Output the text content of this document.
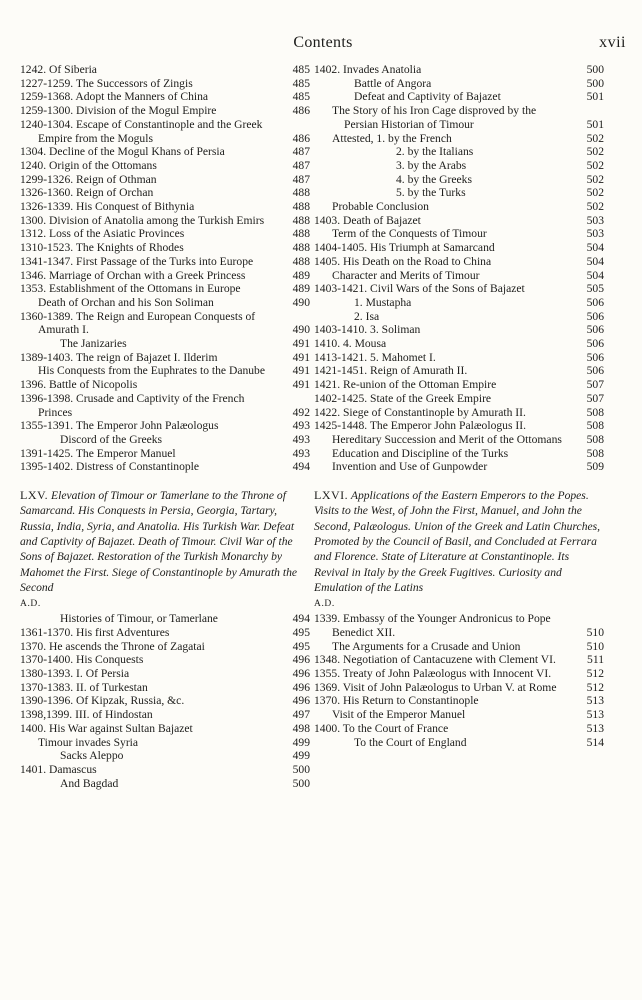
Contents	xvii
1242. Of Siberia	485
1227-1259. The Successors of Zingis	485
1259-1368. Adopt the Manners of China	485
1259-1300. Division of the Mogul Empire	486
1240-1304. Escape of Constantinople and the Greek Empire from the Moguls	486
1304. Decline of the Mogul Khans of Persia	487
1240. Origin of the Ottomans	487
1299-1326. Reign of Othman	487
1326-1360. Reign of Orchan	488
1326-1339. His Conquest of Bithynia	488
1300. Division of Anatolia among the Turkish Emirs	488
1312. Loss of the Asiatic Provinces	488
1310-1523. The Knights of Rhodes	488
1341-1347. First Passage of the Turks into Europe	488
1346. Marriage of Orchan with a Greek Princess	489
1353. Establishment of the Ottomans in Europe	489
Death of Orchan and his Son Soliman	490
1360-1389. The Reign and European Conquests of Amurath I.	490
The Janizaries	491
1389-1403. The reign of Bajazet I. Ilderim	491
His Conquests from the Euphrates to the Danube	491
1396. Battle of Nicopolis	491
1396-1398. Crusade and Captivity of the French Princes	492
1355-1391. The Emperor John Palæologus	493
Discord of the Greeks	493
1391-1425. The Emperor Manuel	493
1395-1402. Distress of Constantinople	494
LXV. Elevation of Timour or Tamerlane to the Throne of Samarcand. His Conquests in Persia, Georgia, Tartary, Russia, India, Syria, and Anatolia. His Turkish War. Defeat and Captivity of Bajazet. Death of Timour. Civil War of the Sons of Bajazet. Restoration of the Turkish Monarchy by Mahomet the First. Siege of Constantinople by Amurath the Second
A.D.
Histories of Timour, or Tamerlane	494
1361-1370. His first Adventures	495
1370. He ascends the Throne of Zagatai	495
1370-1400. His Conquests	496
1380-1393. I. Of Persia	496
1370-1383. II. of Turkestan	496
1390-1396. Of Kipzak, Russia, &c.	496
1398,1399. III. of Hindostan	497
1400. His War against Sultan Bajazet	498
Timour invades Syria	499
Sacks Aleppo	499
1401. Damascus	500
And Bagdad	500
1402. Invades Anatolia	500
Battle of Angora	500
Defeat and Captivity of Bajazet	501
The Story of his Iron Cage disproved by the Persian Historian of Timour	501
Attested, 1. by the French	502
2. by the Italians	502
3. by the Arabs	502
4. by the Greeks	502
5. by the Turks	502
Probable Conclusion	502
1403. Death of Bajazet	503
Term of the Conquests of Timour	503
1404-1405. His Triumph at Samarcand	504
1405. His Death on the Road to China	504
Character and Merits of Timour	504
1403-1421. Civil Wars of the Sons of Bajazet	505
1. Mustapha	506
2. Isa	506
1403-1410. 3. Soliman	506
1410. 4. Mousa	506
1413-1421. 5. Mahomet I.	506
1421-1451. Reign of Amurath II.	506
1421. Re-union of the Ottoman Empire	507
1402-1425. State of the Greek Empire	507
1422. Siege of Constantinople by Amurath II.	508
1425-1448. The Emperor John Palæologus II.	508
Hereditary Succession and Merit of the Ottomans	508
Education and Discipline of the Turks	508
Invention and Use of Gunpowder	509
LXVI. Applications of the Eastern Emperors to the Popes. Visits to the West, of John the First, Manuel, and John the Second, Palæologus. Union of the Greek and Latin Churches, Promoted by the Council of Basil, and Concluded at Ferrara and Florence. State of Literature at Constantinople. Its Revival in Italy by the Greek Fugitives. Curiosity and Emulation of the Latins
A.D.
1339. Embassy of the Younger Andronicus to Pope Benedict XII.	510
The Arguments for a Crusade and Union	510
1348. Negotiation of Cantacuzene with Clement VI.	511
1355. Treaty of John Palæologus with Innocent VI.	512
1369. Visit of John Palæologus to Urban V. at Rome	512
1370. His Return to Constantinople	513
Visit of the Emperor Manuel	513
1400. To the Court of France	513
To the Court of England	514
